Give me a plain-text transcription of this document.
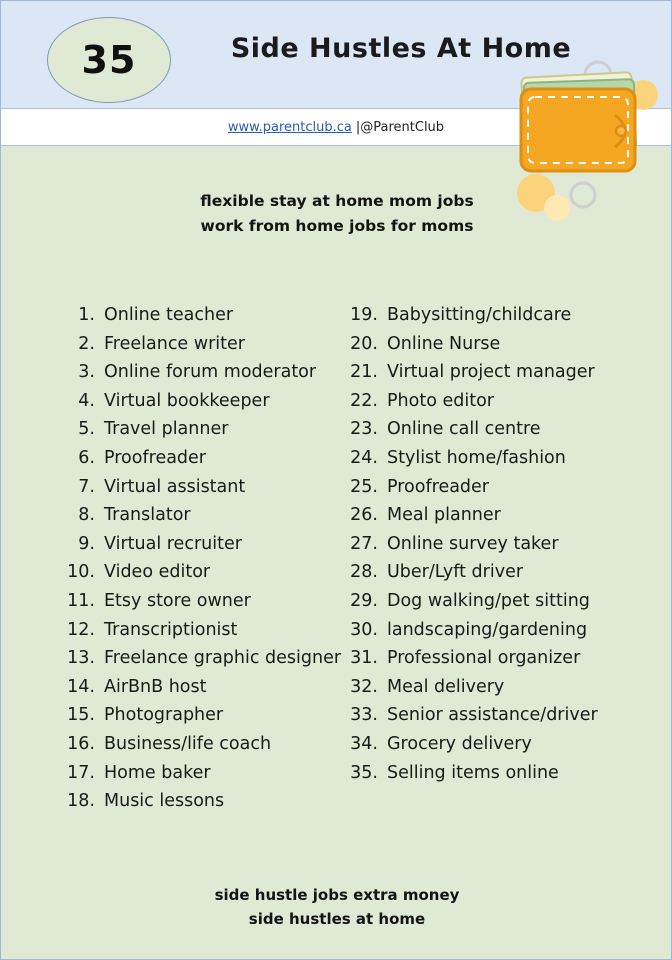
35	Side Hustles At Home
www.parentclub.ca |@ParentClub
flexible stay at home mom jobs
work from home jobs for moms
1. Online teacher
2. Freelance writer
3. Online forum moderator
4. Virtual bookkeeper
5. Travel planner
6. Proofreader
7. Virtual assistant
8. Translator
9. Virtual recruiter
10. Video editor
11. Etsy store owner
12. Transcriptionist
13. Freelance graphic designer
14. AirBnB host
15. Photographer
16. Business/life coach
17. Home baker
18. Music lessons
19. Babysitting/childcare
20. Online Nurse
21. Virtual project manager
22. Photo editor
23. Online call centre
24. Stylist home/fashion
25. Proofreader
26. Meal planner
27. Online survey taker
28. Uber/Lyft driver
29. Dog walking/pet sitting
30. landscaping/gardening
31. Professional organizer
32. Meal delivery
33. Senior assistance/driver
34. Grocery delivery
35. Selling items online
side hustle jobs extra money
side hustles at home
